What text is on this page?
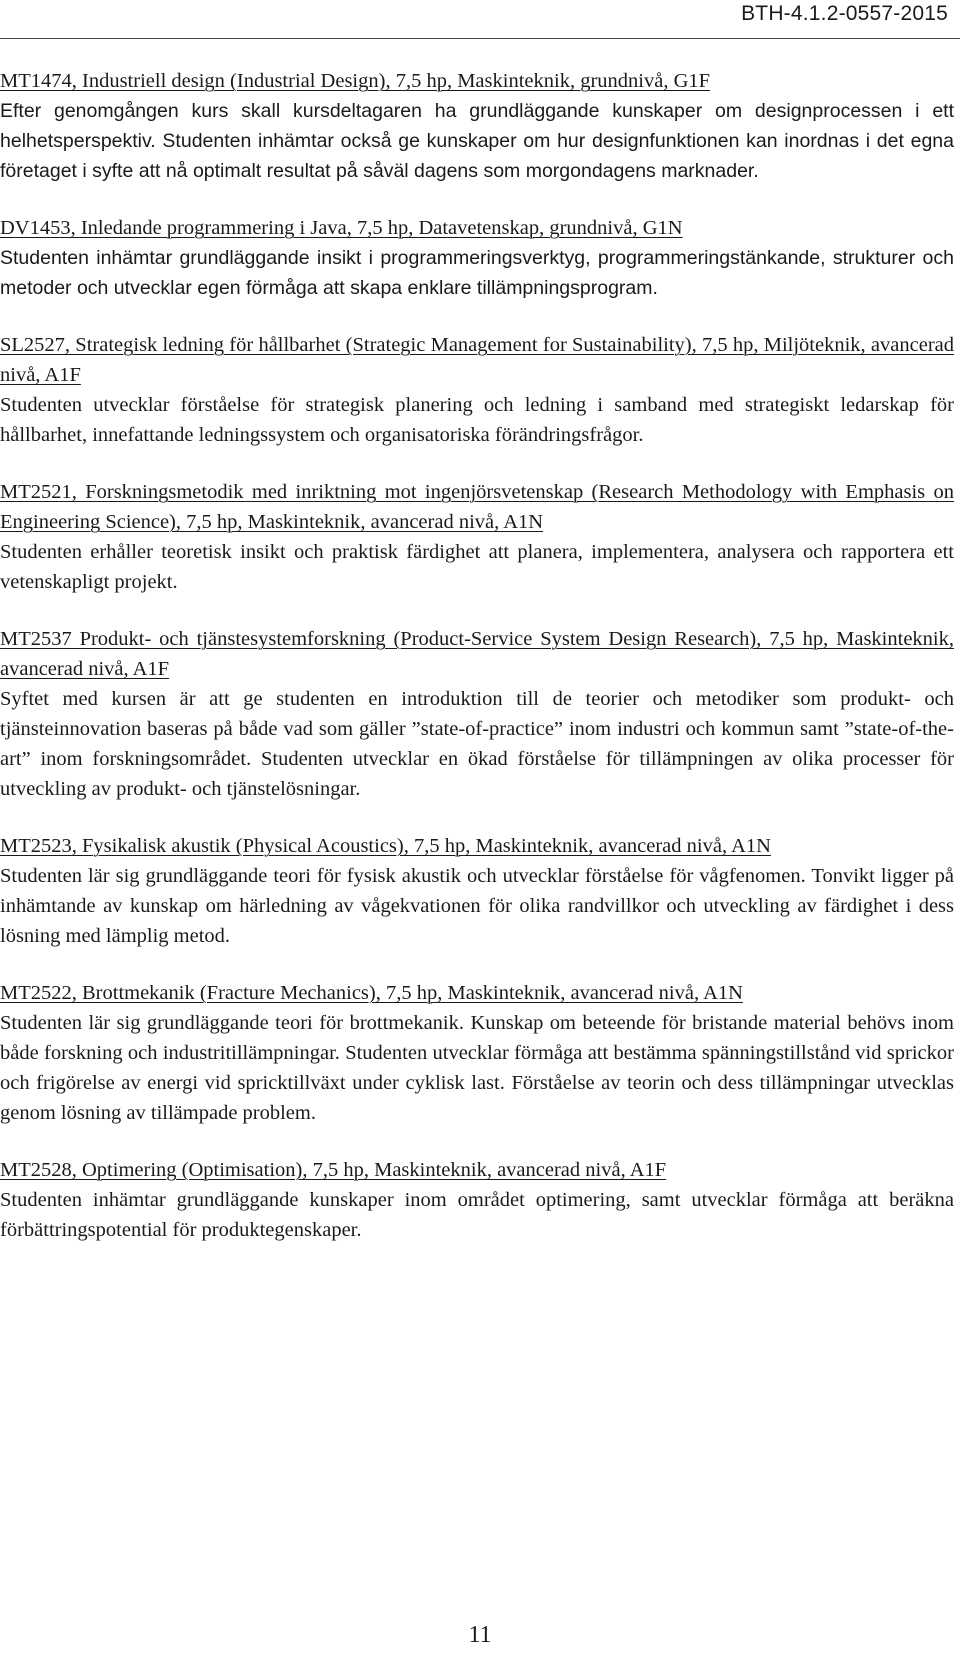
BTH-4.1.2-0557-2015
MT1474, Industriell design (Industrial Design), 7,5 hp, Maskinteknik, grundnivå, G1F
Efter genomgången kurs skall kursdeltagaren ha grundläggande kunskaper om designprocessen i ett helhetsperspektiv. Studenten inhämtar också ge kunskaper om hur designfunktionen kan inordnas i det egna företaget i syfte att nå optimalt resultat på såväl dagens som morgondagens marknader.
DV1453, Inledande programmering i Java, 7,5 hp, Datavetenskap, grundnivå, G1N
Studenten inhämtar grundläggande insikt i programmeringsverktyg, programmeringstänkande, strukturer och metoder och utvecklar egen förmåga att skapa enklare tillämpningsprogram.
SL2527, Strategisk ledning för hållbarhet (Strategic Management for Sustainability), 7,5 hp, Miljöteknik, avancerad nivå, A1F
Studenten utvecklar förståelse för strategisk planering och ledning i samband med strategiskt ledarskap för hållbarhet, innefattande ledningssystem och organisatoriska förändringsfrågor.
MT2521, Forskningsmetodik med inriktning mot ingenjörsvetenskap (Research Methodology with Emphasis on Engineering Science), 7,5 hp, Maskinteknik, avancerad nivå, A1N
Studenten erhåller teoretisk insikt och praktisk färdighet att planera, implementera, analysera och rapportera ett vetenskapligt projekt.
MT2537 Produkt- och tjänstesystemforskning (Product-Service System Design Research), 7,5 hp, Maskinteknik, avancerad nivå, A1F
Syftet med kursen är att ge studenten en introduktion till de teorier och metodiker som produkt- och tjänsteinnovation baseras på både vad som gäller ”state-of-practice” inom industri och kommun samt ”state-of-the-art” inom forskningsområdet. Studenten utvecklar en ökad förståelse för tillämpningen av olika processer för utveckling av produkt- och tjänstelösningar.
MT2523, Fysikalisk akustik (Physical Acoustics), 7,5 hp, Maskinteknik, avancerad nivå, A1N
Studenten lär sig grundläggande teori för fysisk akustik och utvecklar förståelse för vågfenomen. Tonvikt ligger på inhämtande av kunskap om härledning av vågekvationen för olika randvillkor och utveckling av färdighet i dess lösning med lämplig metod.
MT2522, Brottmekanik (Fracture Mechanics), 7,5 hp, Maskinteknik, avancerad nivå, A1N
Studenten lär sig grundläggande teori för brottmekanik. Kunskap om beteende för bristande material behövs inom både forskning och industritillämpningar. Studenten utvecklar förmåga att bestämma spänningstillstånd vid sprickor och frigörelse av energi vid spricktillväxt under cyklisk last. Förståelse av teorin och dess tillämpningar utvecklas genom lösning av tillämpade problem.
MT2528, Optimering (Optimisation), 7,5 hp, Maskinteknik, avancerad nivå, A1F
Studenten inhämtar grundläggande kunskaper inom området optimering, samt utvecklar förmåga att beräkna förbättringspotential för produktegenskaper.
11
